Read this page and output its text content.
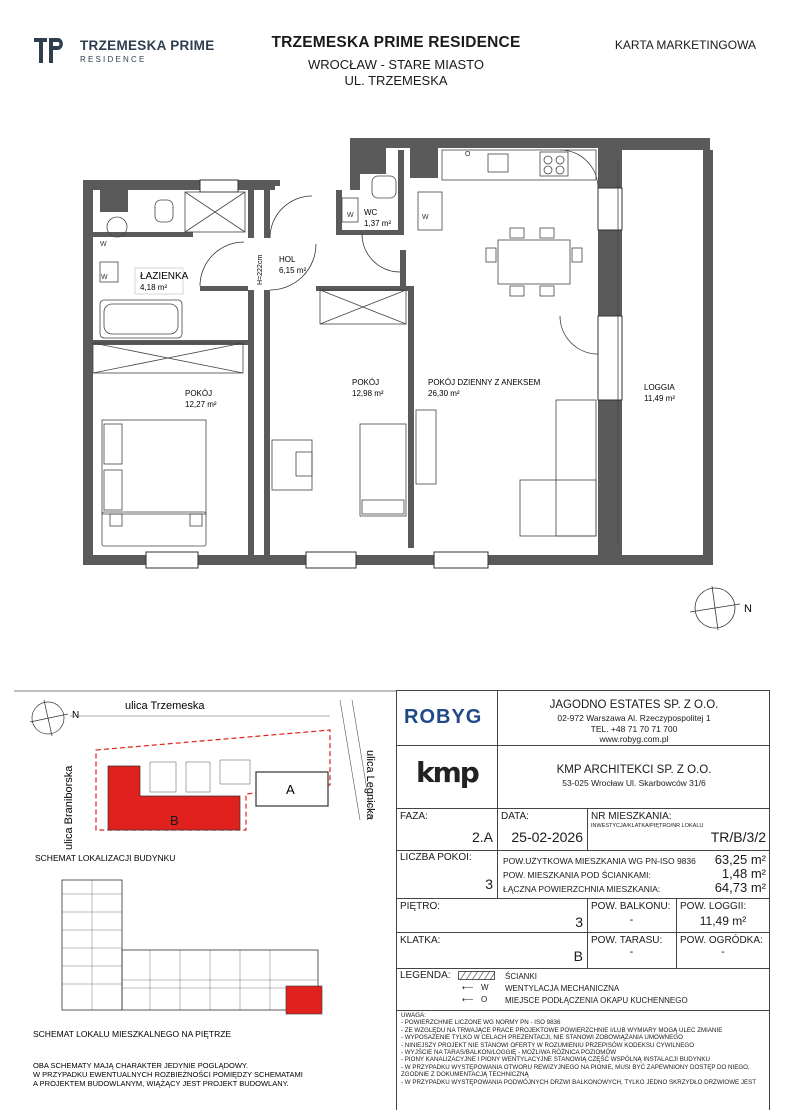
TRZEMESKA PRIME
RESIDENCE
TRZEMESKA PRIME RESIDENCE
WROCŁAW - STARE MIASTO
UL. TRZEMESKA
KARTA MARKETINGOWA
ŁAZIENKA
4,18 m²
HOL
6,15 m²
WC
1,37 m²
POKÓJ
12,27 m²
POKÓJ
12,98 m²
POKÓJ DZIENNY Z ANEKSEM
26,30 m²
LOGGIA
11,49 m²
H=222cm
W
W
W	W
O
N
N
ulica Trzemeska
ulica Braniborska	ulica Legnicka
B
A
SCHEMAT LOKALIZACJI BUDYNKU
SCHEMAT LOKALU MIESZKALNEGO NA PIĘTRZE
OBA SCHEMATY MAJĄ CHARAKTER JEDYNIE POGLĄDOWY.
W PRZYPADKU EWENTUALNYCH ROZBIEŻNOŚCI POMIĘDZY SCHEMATAMI
A PROJEKTEM BUDOWLANYM, WIĄŻĄCY JEST PROJEKT BUDOWLANY.
ROBYG
JAGODNO ESTATES SP. Z O.O.
02-972 Warszawa Al. Rzeczypospolitej 1
TEL. +48 71 70 71 700
www.robyg.com.pl
kmp	KMP ARCHITEKCI SP. Z O.O.
53-025 Wrocław Ul. Skarbowców 31/6
FAZA:
2.A
DATA:
25-02-2026
NR MIESZKANIA:
INWESTYCJA/KLATKA/PIĘTRO/NR LOKALU
TR/B/3/2
LICZBA POKOI:
3
POW.UŻYTKOWA MIESZKANIA WG PN-ISO 9836	63,25 m²
POW. MIESZKANIA POD ŚCIANKAMI:	1,48 m²
ŁĄCZNA POWIERZCHNIA MIESZKANIA:	64,73 m²
PIĘTRO:
3
POW. BALKONU:
-
POW. LOGGII:
11,49 m²
KLATKA:
B
POW. TARASU:
-
POW. OGRÓDKA:
-
LEGENDA:	ŚCIANKI
⟵ W WENTYLACJA MECHANICZNA
⟵ O MIEJSCE PODŁĄCZENIA OKAPU KUCHENNEGO
UWAGA:
- POWIERZCHNIE LICZONE WG NORMY PN - ISO 9836
- ZE WZGLĘDU NA TRWAJĄCE PRACE PROJEKTOWE POWIERZCHNIE I/LUB WYMIARY MOGĄ ULEC ZMIANIE
- WYPOSAŻENIE TYLKO W CELACH PREZENTACJI, NIE STANOWI ZOBOWIĄZANIA UMOWNEGO
- NINIEJSZY PROJEKT NIE STANOWI OFERTY W ROZUMIENIU PRZEPISÓW KODEKSU CYWILNEGO
- WYJŚCIE NA TARAS/BALKON/LOGGIĘ - MOŻLIWA RÓŻNICA POZIOMÓW
- PIONY KANALIZACYJNE I PIONY WENTYLACYJNE STANOWIĄ CZĘŚĆ WSPÓLNĄ INSTALACJI BUDYNKU
- W PRZYPADKU WYSTĘPOWANIA OTWORU REWIZYJNEGO NA PIONIE, MUSI BYĆ ZAPEWNIONY DOSTĘP DO NIEGO,
ZGODNIE Z DOKUMENTACJĄ TECHNICZNĄ
- W PRZYPADKU WYSTĘPOWANIA PODWÓJNYCH DRZWI BALKONOWYCH, TYLKO JEDNO SKRZYDŁO DRZWIOWE JEST
